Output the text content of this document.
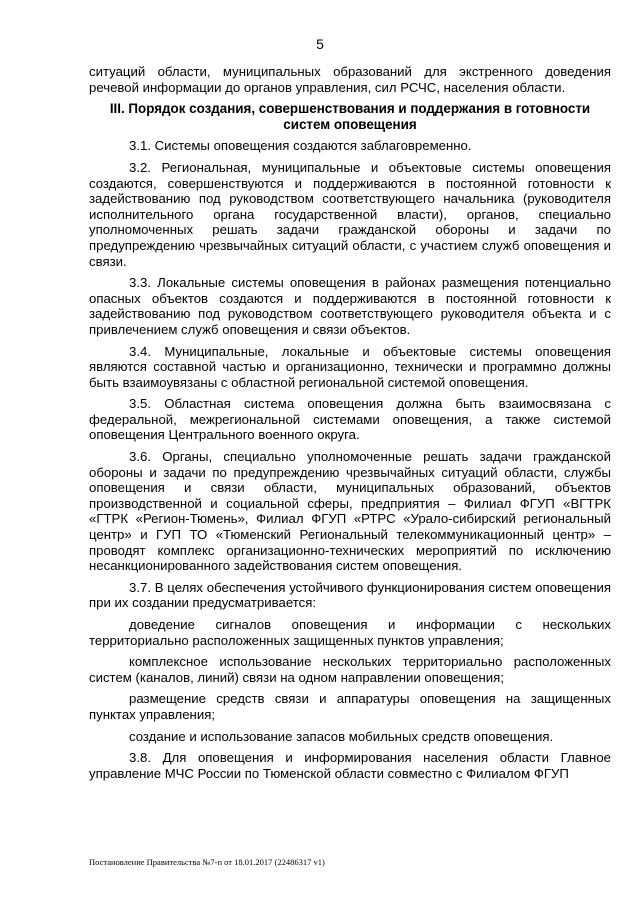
5

ситуаций области, муниципальных образований для экстренного доведения речевой информации до органов управления, сил РСЧС, населения области.

III. Порядок создания, совершенствования и поддержания в готовности систем оповещения

3.1. Системы оповещения создаются заблаговременно.

3.2. Региональная, муниципальные и объектовые системы оповещения создаются, совершенствуются и поддерживаются в постоянной готовности к задействованию под руководством соответствующего начальника (руководителя исполнительного органа государственной власти), органов, специально уполномоченных решать задачи гражданской обороны и задачи по предупреждению чрезвычайных ситуаций области, с участием служб оповещения и связи.

3.3. Локальные системы оповещения в районах размещения потенциально опасных объектов создаются и поддерживаются в постоянной готовности к задействованию под руководством соответствующего руководителя объекта и с привлечением служб оповещения и связи объектов.

3.4. Муниципальные, локальные и объектовые системы оповещения являются составной частью и организационно, технически и программно должны быть взаимоувязаны с областной региональной системой оповещения.

3.5. Областная система оповещения должна быть взаимосвязана с федеральной, межрегиональной системами оповещения, а также системой оповещения Центрального военного округа.

3.6. Органы, специально уполномоченные решать задачи гражданской обороны и задачи по предупреждению чрезвычайных ситуаций области, службы оповещения и связи области, муниципальных образований, объектов производственной и социальной сферы, предприятия – Филиал ФГУП «ВГТРК «ГТРК «Регион-Тюмень», Филиал ФГУП «РТРС «Урало-сибирский региональный центр» и ГУП ТО «Тюменский Региональный телекоммуникационный центр» – проводят комплекс организационно-технических мероприятий по исключению несанкционированного задействования систем оповещения.

3.7. В целях обеспечения устойчивого функционирования систем оповещения при их создании предусматривается:

доведение сигналов оповещения и информации с нескольких территориально расположенных защищенных пунктов управления;

комплексное использование нескольких территориально расположенных систем (каналов, линий) связи на одном направлении оповещения;

размещение средств связи и аппаратуры оповещения на защищенных пунктах управления;

создание и использование запасов мобильных средств оповещения.

3.8. Для оповещения и информирования населения области Главное управление МЧС России по Тюменской области совместно с Филиалом ФГУП

Постановление Правительства №7-п от 18.01.2017 (22486317 v1)
